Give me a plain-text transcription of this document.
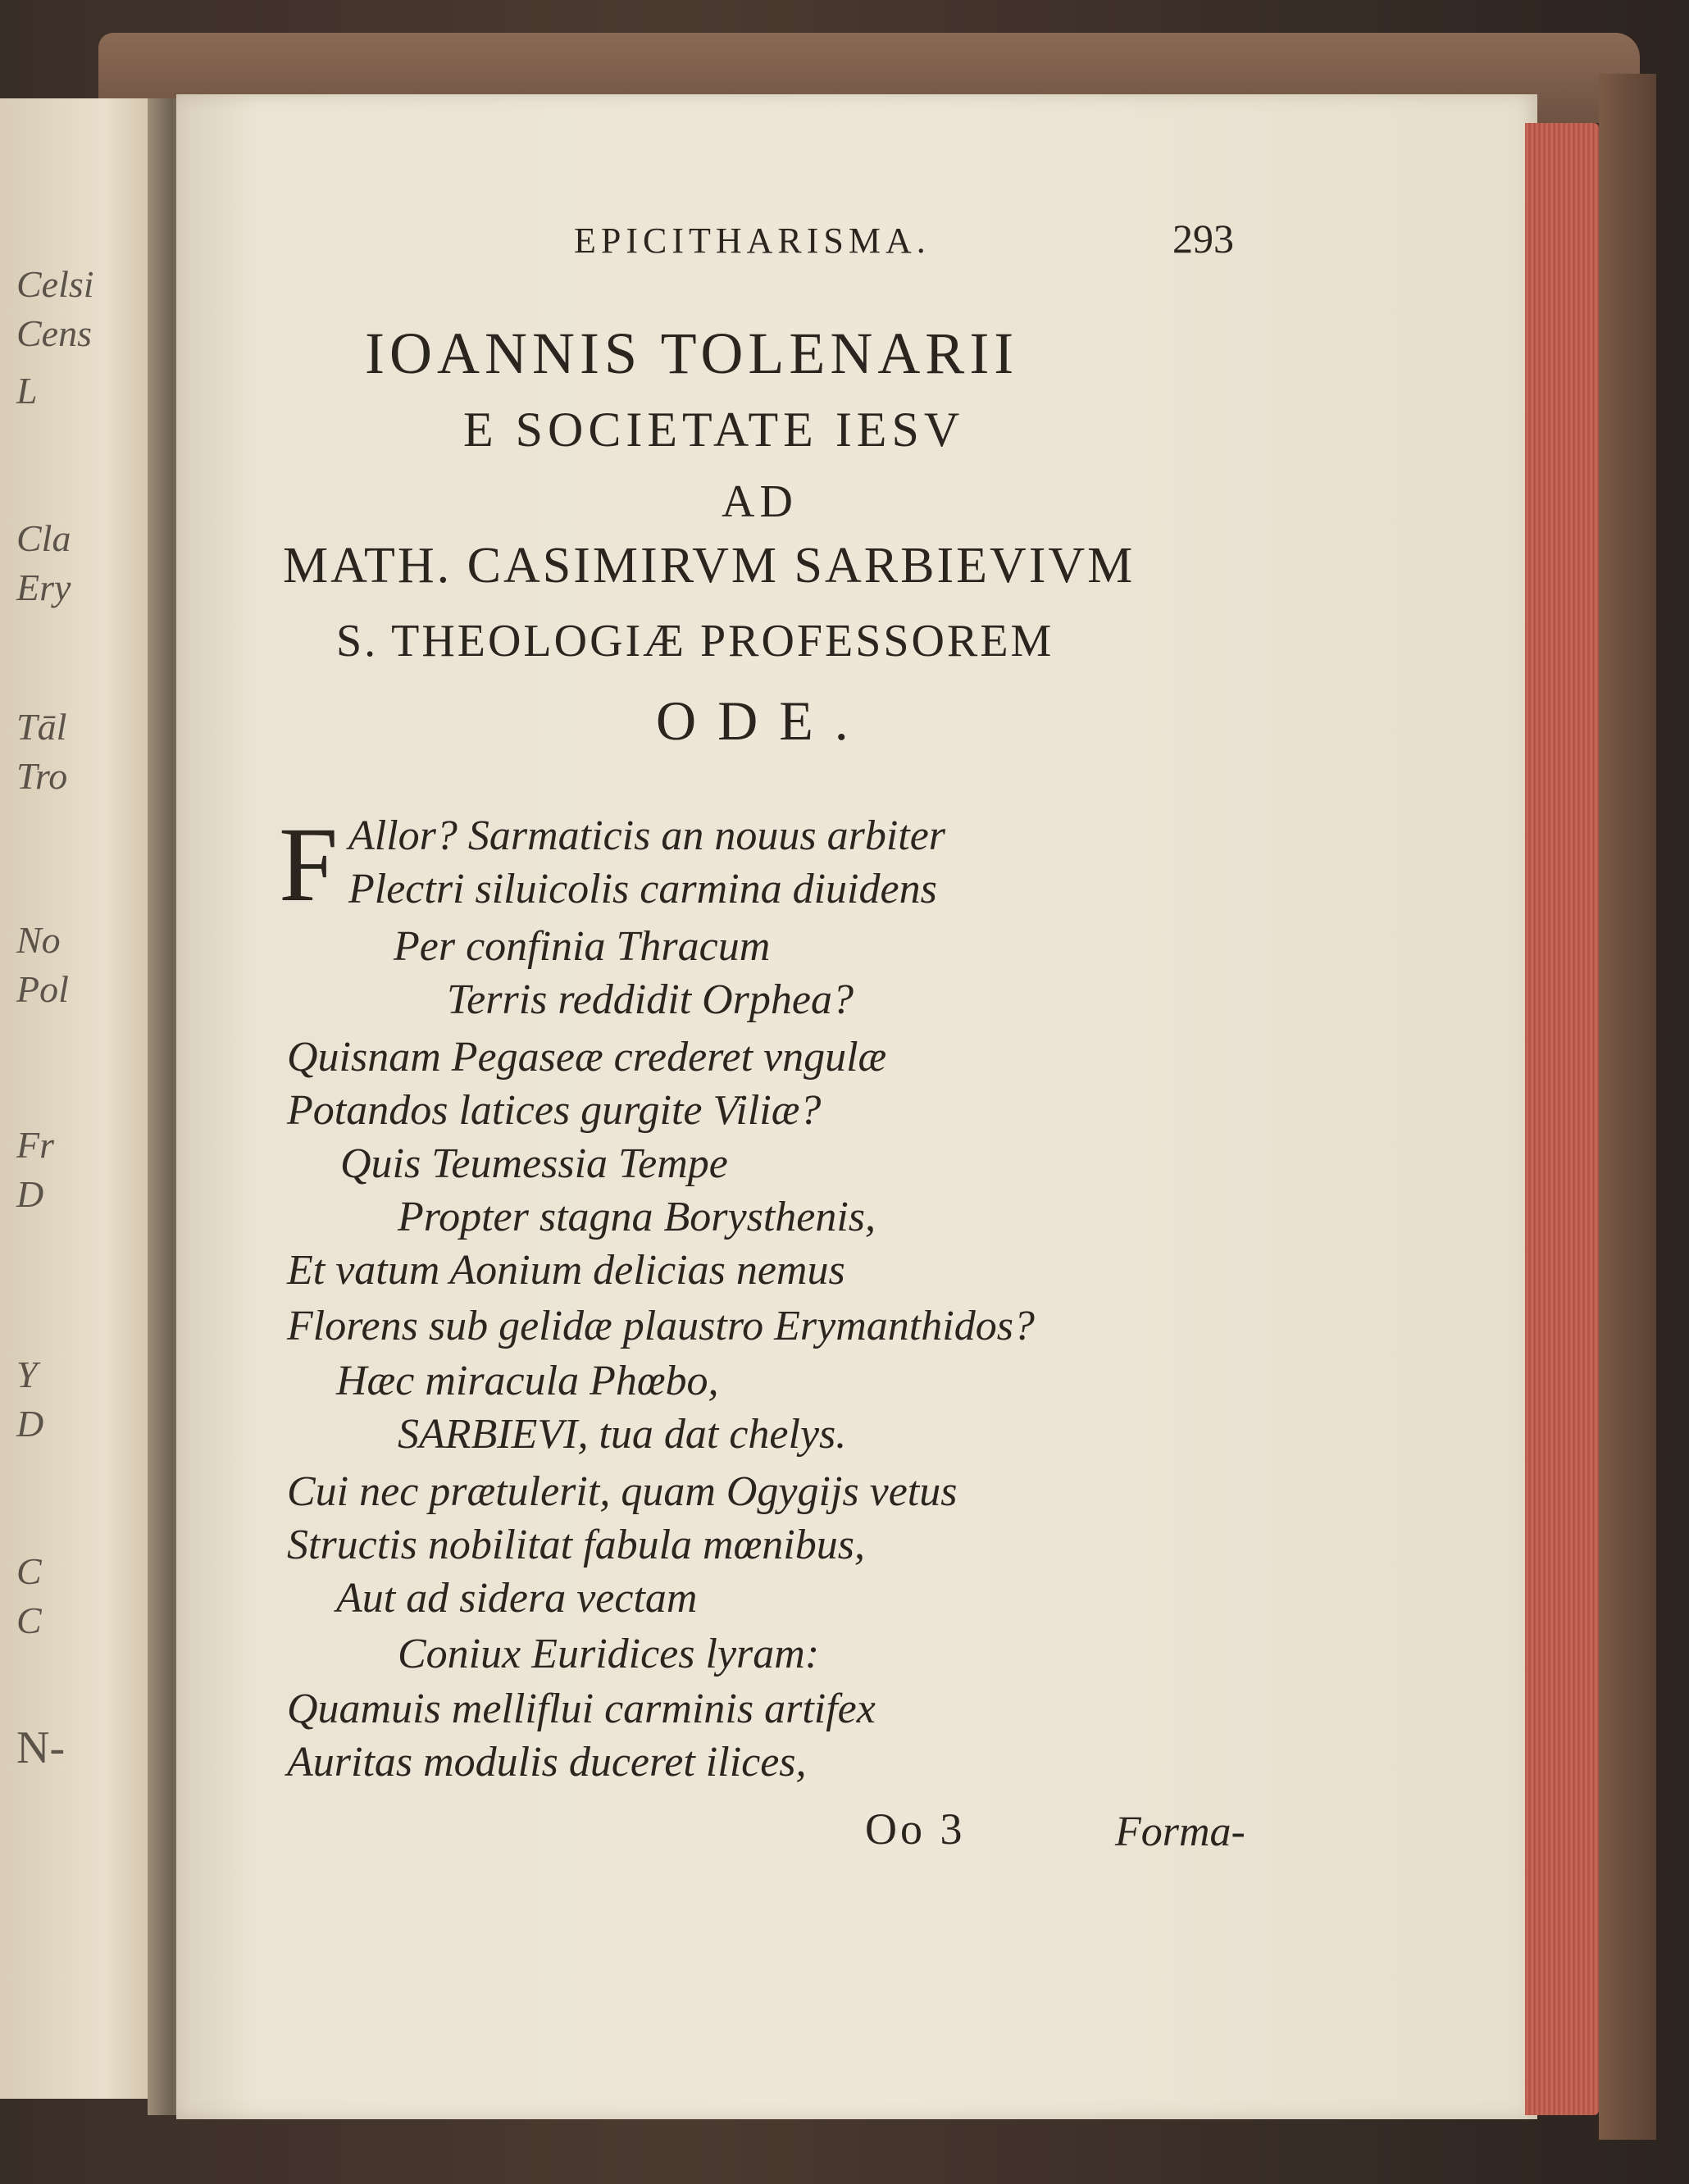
Celsi
Cens
L
Cla
Ery
Tāl
Tro
No
Pol
Fr
D
Y
D
C
C
N-
EPICITHARISMA.	293
IOANNIS TOLENARII
E SOCIETATE IESV
AD
MATH. CASIMIRVM SARBIEVIVM
S. THEOLOGIÆ PROFESSOREM
ODE.
F Allor? Sarmaticis an nouus arbiter
Plectri siluicolis carmina diuidens
Per confinia Thracum
Terris reddidit Orphea?
Quisnam Pegaseæ crederet vngulæ
Potandos latices gurgite Viliæ?
Quis Teumessia Tempe
Propter stagna Borysthenis,
Et vatum Aonium delicias nemus
Florens sub gelidæ plaustro Erymanthidos?
Hæc miracula Phœbo,
SARBIEVI, tua dat chelys.
Cui nec prætulerit, quam Ogygijs vetus
Structis nobilitat fabula mœnibus,
Aut ad sidera vectam
Coniux Euridices lyram:
Quamuis melliflui carminis artifex
Auritas modulis duceret ilices,
Oo 3	Forma-
